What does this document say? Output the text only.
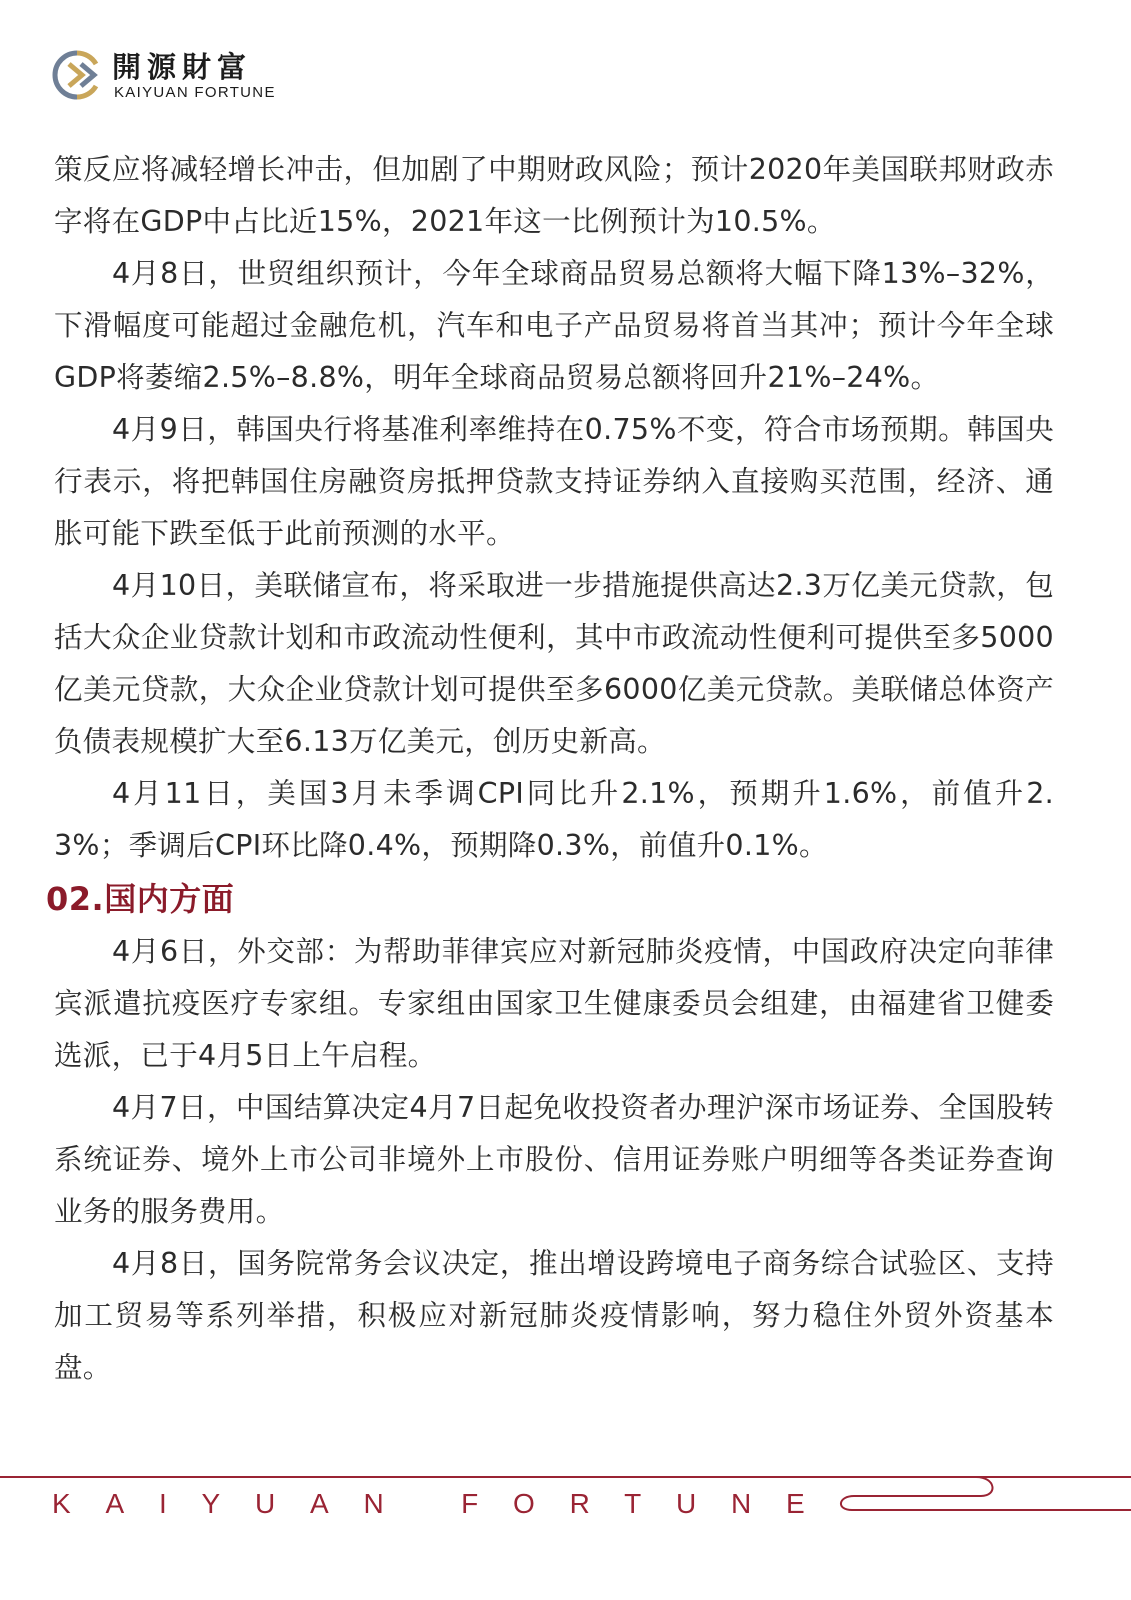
開源財富
KAIYUAN FORTUNE

策反应将减轻增长冲击，但加剧了中期财政风险；预计2020年美国联邦财政赤字将在GDP中占比近15%，2021年这一比例预计为10.5%。

4月8日，世贸组织预计，今年全球商品贸易总额将大幅下降13%–32%，下滑幅度可能超过金融危机，汽车和电子产品贸易将首当其冲；预计今年全球GDP将萎缩2.5%–8.8%，明年全球商品贸易总额将回升21%–24%。

4月9日，韩国央行将基准利率维持在0.75%不变，符合市场预期。韩国央行表示，将把韩国住房融资房抵押贷款支持证券纳入直接购买范围，经济、通胀可能下跌至低于此前预测的水平。

4月10日，美联储宣布，将采取进一步措施提供高达2.3万亿美元贷款，包括大众企业贷款计划和市政流动性便利，其中市政流动性便利可提供至多5000亿美元贷款，大众企业贷款计划可提供至多6000亿美元贷款。美联储总体资产负债表规模扩大至6.13万亿美元，创历史新高。

4月11日，美国3月未季调CPI同比升2.1%，预期升1.6%，前值升2.3%；季调后CPI环比降0.4%，预期降0.3%，前值升0.1%。

02.国内方面

4月6日，外交部：为帮助菲律宾应对新冠肺炎疫情，中国政府决定向菲律宾派遣抗疫医疗专家组。专家组由国家卫生健康委员会组建，由福建省卫健委选派，已于4月5日上午启程。

4月7日，中国结算决定4月7日起免收投资者办理沪深市场证券、全国股转系统证券、境外上市公司非境外上市股份、信用证券账户明细等各类证券查询业务的服务费用。

4月8日，国务院常务会议决定，推出增设跨境电子商务综合试验区、支持加工贸易等系列举措，积极应对新冠肺炎疫情影响，努力稳住外贸外资基本盘。

KAIYUAN FORTUNE
